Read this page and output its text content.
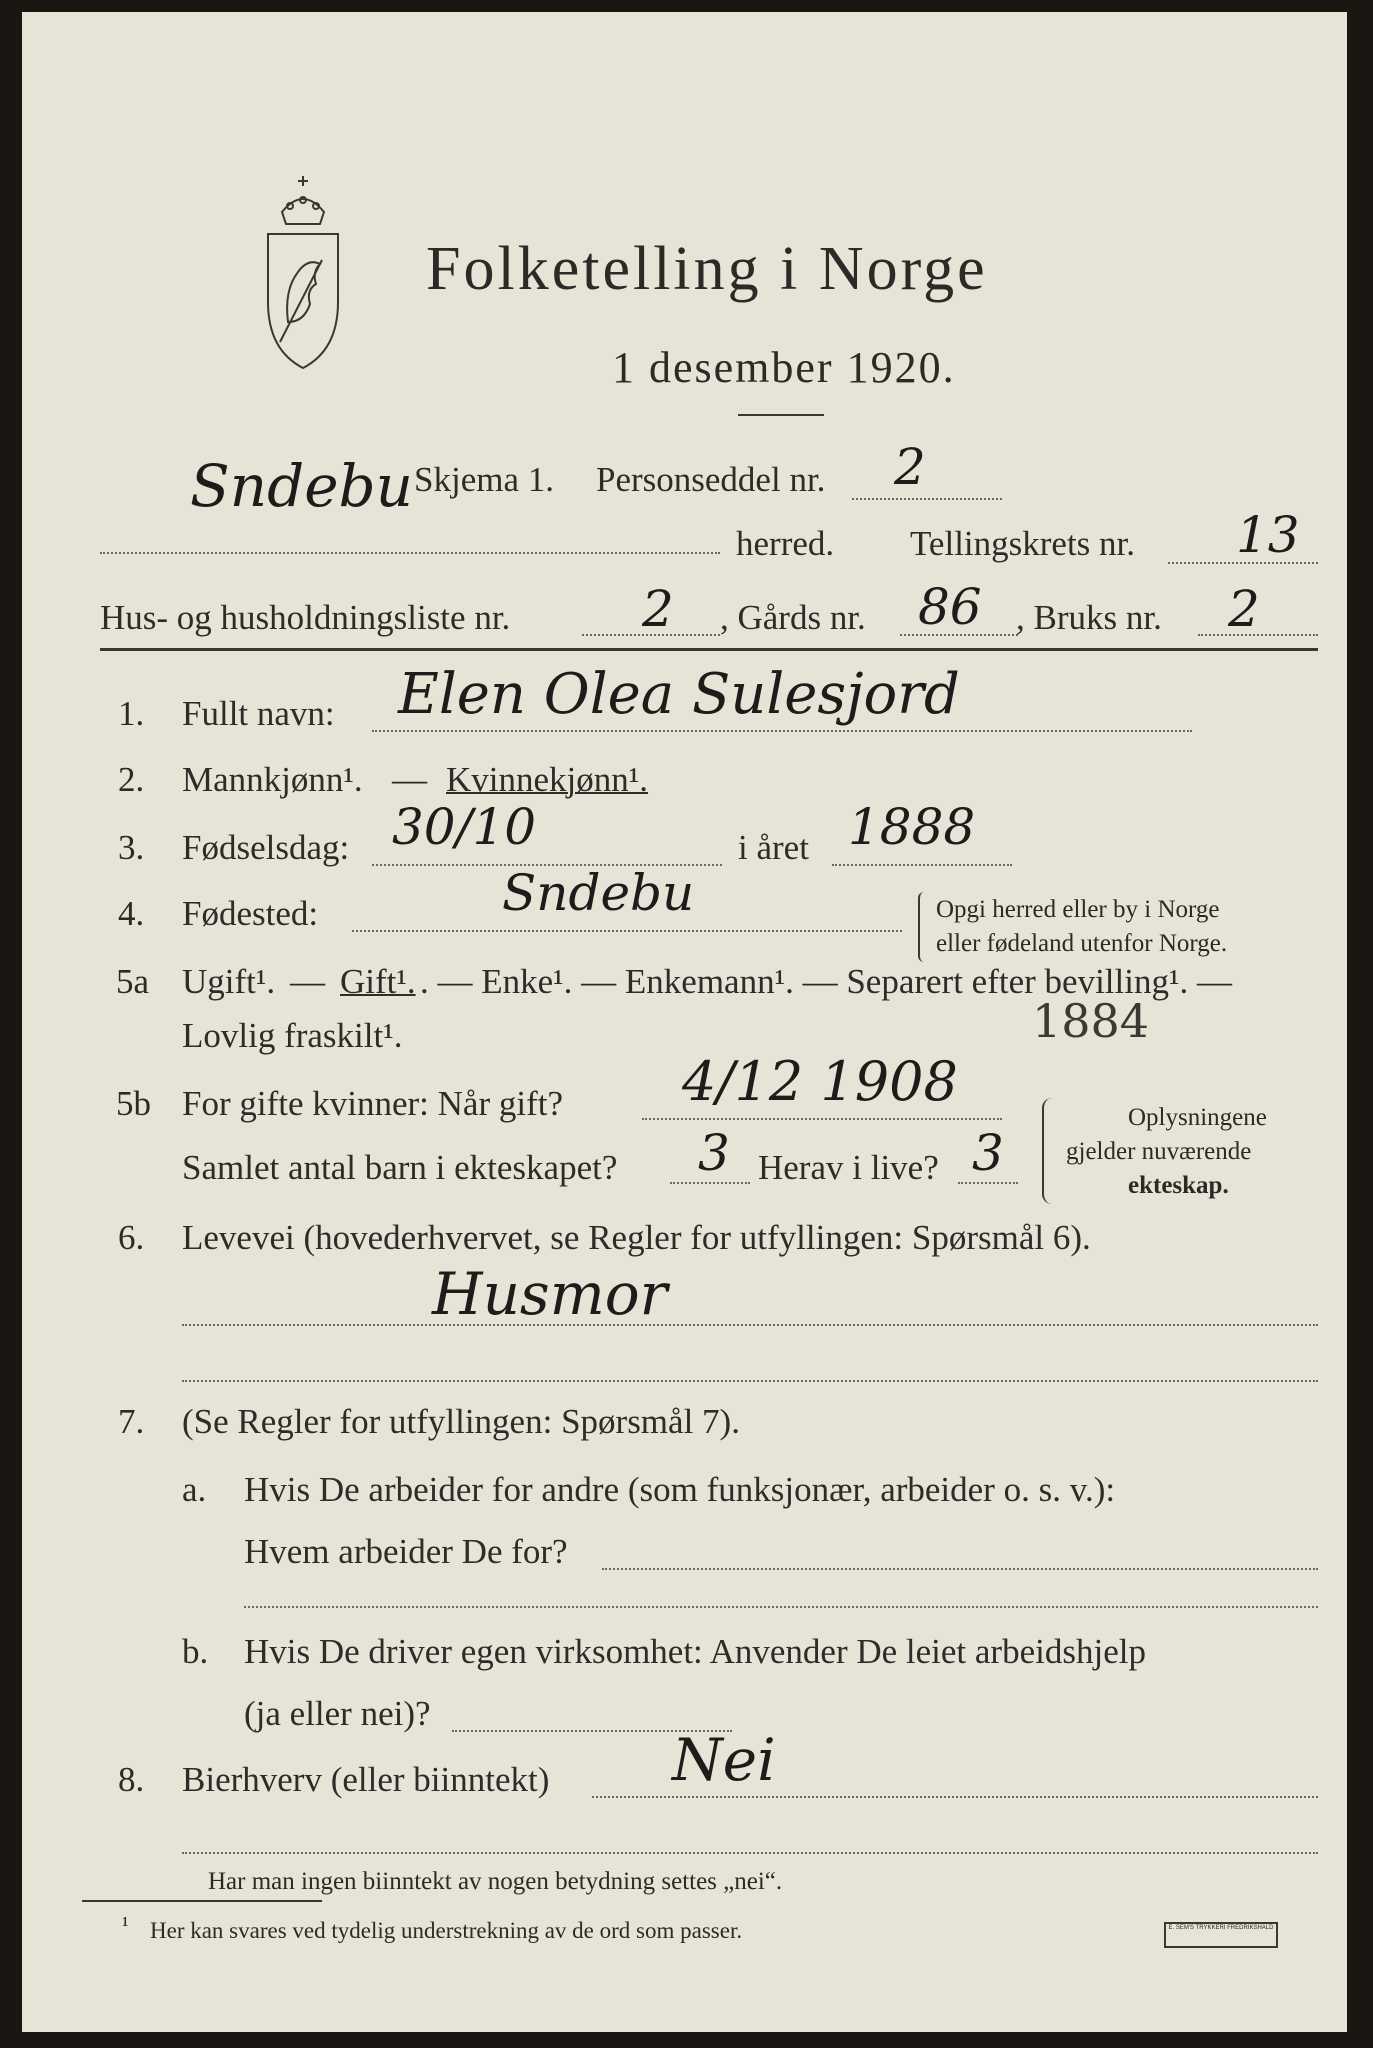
Folketelling i Norge
1 desember 1920.
Sndebu Skjema 1. Personseddel nr. 2
herred. Tellingskrets nr. 13
Hus- og husholdningsliste nr.	2 , Gårds nr. 86 , Bruks nr. 2
1. Fullt navn: Elen Olea Sulesjord
2. Mannkjønn¹. — Kvinnekjønn¹.
3. Fødselsdag: 30/10	i året 1888
4. Fødested:	Sndebu	Opgi herred eller by i Norge
eller fødeland utenfor Norge.
5a Ugift¹. — Gift¹. . — Enke¹. — Enkemann¹. — Separert efter bevilling¹. —
Lovlig fraskilt¹.	1884
5b For gifte kvinner: Når gift? 4/12 1908
Samlet antal barn i ekteskapet? 3 Herav i live? 3
Oplysningene
gjelder nuværende
ekteskap.
6. Levevei (hovederhvervet, se Regler for utfyllingen: Spørsmål 6).
Husmor
7. (Se Regler for utfyllingen: Spørsmål 7).
a. Hvis De arbeider for andre (som funksjonær, arbeider o. s. v.):
Hvem arbeider De for?
b. Hvis De driver egen virksomhet: Anvender De leiet arbeidshjelp
(ja eller nei)?
8. Bierhverv (eller biinntekt) Nei
Har man ingen biinntekt av nogen betydning settes „nei“.
¹ Her kan svares ved tydelig understrekning av de ord som passer.	E. SEM'S TRYKKERI FREDRIKSHALD
